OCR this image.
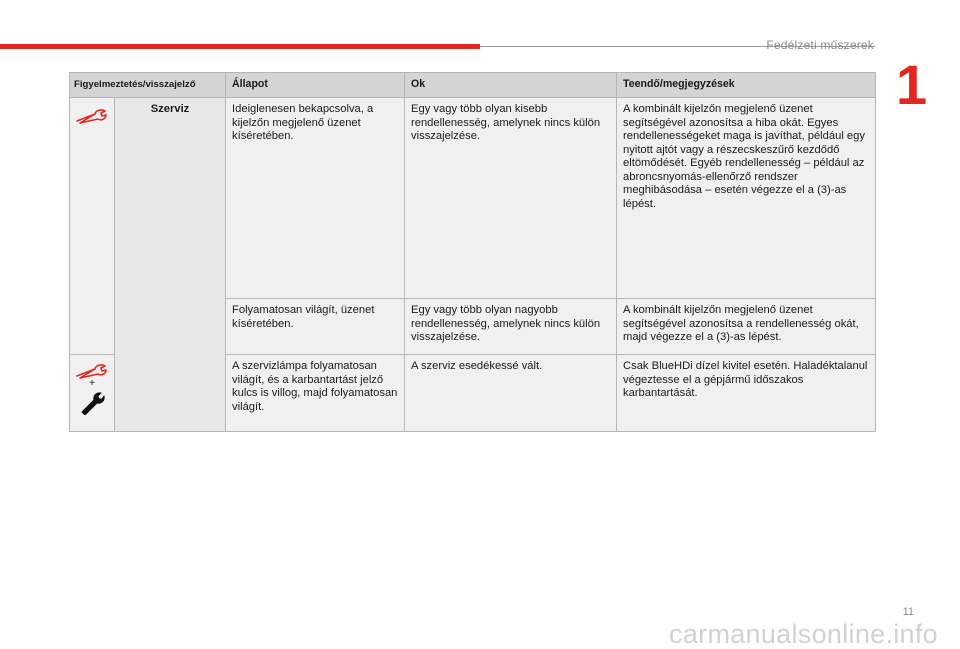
Fedélzeti műszerek
1
Figyelmeztetés/visszajelző		Állapot	Ok	Teendő/megjegyzések

	Szerviz	Ideiglenesen bekapcsolva, a kijelzőn megjelenő üzenet kíséretében.	Egy vagy több olyan kisebb rendellenesség, amelynek nincs külön visszajelzése.	A kombinált kijelzőn megjelenő üzenet segítségével azonosítsa a hiba okát. Egyes rendellenességeket maga is javíthat, például egy nyitott ajtót vagy a részecskeszűrő kezdődő eltömődését. Egyéb rendellenesség – például az abroncsnyomás-ellenőrző rendszer meghibásodása – esetén végezze el a (3)-as lépést.
		Folyamatosan világít, üzenet kíséretében.	Egy vagy több olyan nagyobb rendellenesség, amelynek nincs külön visszajelzése.	A kombinált kijelzőn megjelenő üzenet segítségével azonosítsa a rendellenesség okát, majd végezze el a (3)-as lépést.

+		A szervizlámpa folyamatosan világít, és a karbantartást jelző kulcs is villog, majd folyamatosan világít.	A szerviz esedékessé vált.	Csak BlueHDi dízel kivitel esetén. Haladéktalanul végeztesse el a gépjármű időszakos karbantartását.
11
carmanualsonline.info
